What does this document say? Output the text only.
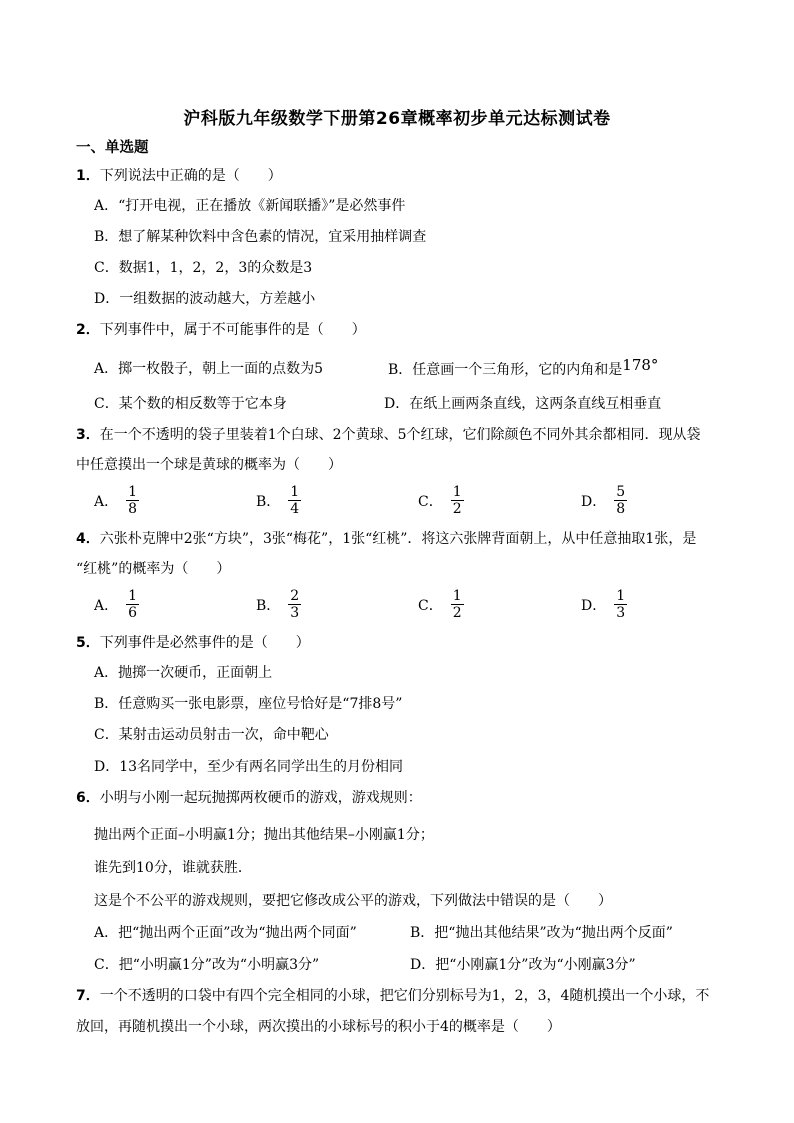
沪科版九年级数学下册第26章概率初步单元达标测试卷
一、单选题
1．下列说法中正确的是（　　）
A．“打开电视，正在播放《新闻联播》”是必然事件
B．想了解某种饮料中含色素的情况，宜采用抽样调查
C．数据1，1，2，2，3的众数是3
D．一组数据的波动越大，方差越小
2．下列事件中，属于不可能事件的是（　　）
A．掷一枚骰子，朝上一面的点数为5	B．任意画一个三角形，它的内角和是178°
C．某个数的相反数等于它本身	D．在纸上画两条直线，这两条直线互相垂直
3．在一个不透明的袋子里装着1个白球、2个黄球、5个红球，它们除颜色不同外其余都相同．现从袋
中任意摸出一个球是黄球的概率为（　　）
A． $\frac{1}{8}$	B． $\frac{1}{4}$	C． $\frac{1}{2}$	D． $\frac{5}{8}$
4．六张朴克牌中2张“方块”，3张“梅花”，1张“红桃”．将这六张牌背面朝上，从中任意抽取1张，是
“红桃”的概率为（　　）
A． $\frac{1}{6}$	B． $\frac{2}{3}$	C． $\frac{1}{2}$	D． $\frac{1}{3}$
5．下列事件是必然事件的是（　　）
A．抛掷一次硬币，正面朝上
B．任意购买一张电影票，座位号恰好是“7排8号”
C．某射击运动员射击一次，命中靶心
D．13名同学中，至少有两名同学出生的月份相同
6．小明与小刚一起玩抛掷两枚硬币的游戏，游戏规则：
抛出两个正面–小明赢1分；抛出其他结果–小刚赢1分；
谁先到10分，谁就获胜．
这是个不公平的游戏规则，要把它修改成公平的游戏，下列做法中错误的是（　　）
A．把“抛出两个正面”改为“抛出两个同面”	B．把“抛出其他结果”改为“抛出两个反面”
C．把“小明赢1分”改为“小明赢3分”	D．把“小刚赢1分”改为“小刚赢3分”
7．一个不透明的口袋中有四个完全相同的小球，把它们分别标号为1，2，3，4随机摸出一个小球，不
放回，再随机摸出一个小球，两次摸出的小球标号的积小于4的概率是（　　）
